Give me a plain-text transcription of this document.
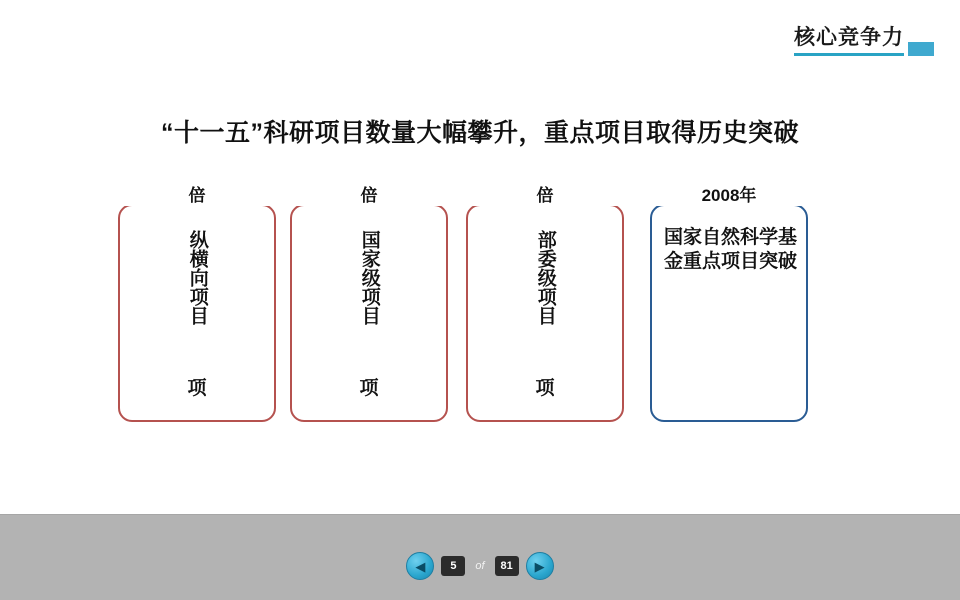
核心竞争力
“十一五”科研项目数量大幅攀升，重点项目取得历史突破
倍
纵横向项目
项
倍
国家级项目
项
倍
部委级项目
项
2008年
国家自然科学基金重点项目突破
◀	5	of	81	▶
